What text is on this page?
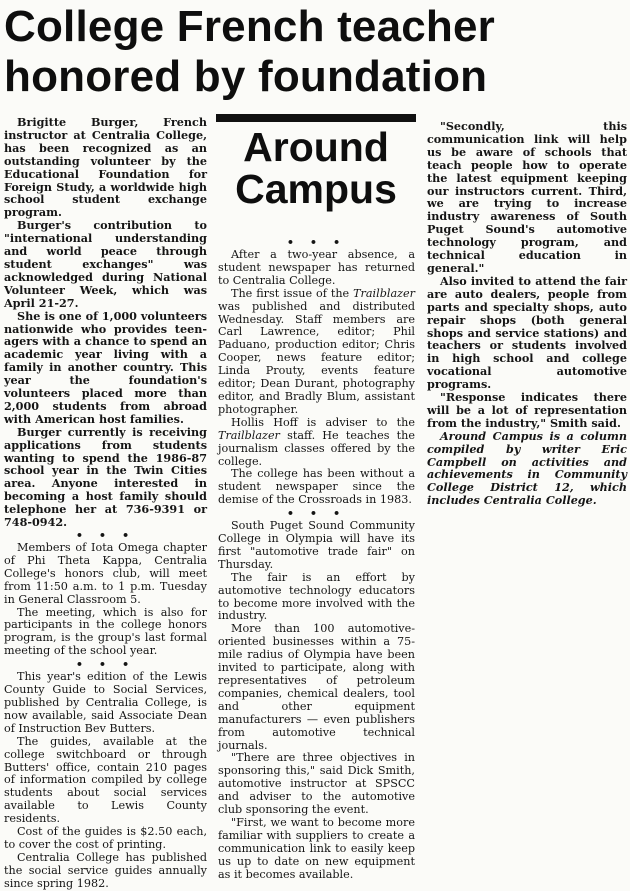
College French teacher
honored by foundation
Around
Campus

Brigitte Burger, French instructor at Centralia College, has been recognized as an outstanding volunteer by the Educational Foundation for Foreign Study, a worldwide high school student exchange program.

Burger's contribution to "international understanding and world peace through student exchanges" was acknowledged during National Volunteer Week, which was April 21-27.

She is one of 1,000 volunteers nationwide who provides teen-agers with a chance to spend an academic year living with a family in another country. This year the foundation's volunteers placed more than 2,000 students from abroad with American host families.

Burger currently is receiving applications from students wanting to spend the 1986-87 school year in the Twin Cities area. Anyone interested in becoming a host family should telephone her at 736-9391 or 748-0942.

• • •

Members of Iota Omega chapter of Phi Theta Kappa, Centralia College's honors club, will meet from 11:50 a.m. to 1 p.m. Tuesday in General Classroom 5.

The meeting, which is also for participants in the college honors program, is the group's last formal meeting of the school year.

• • •

This year's edition of the Lewis County Guide to Social Services, published by Centralia College, is now available, said Associate Dean of Instruction Bev Butters.

The guides, available at the college switchboard or through Butters' office, contain 210 pages of information compiled by college students about social services available to Lewis County residents.

Cost of the guides is $2.50 each, to cover the cost of printing.

Centralia College has published the social service guides annually since spring 1982.

• • •

After a two-year absence, a student newspaper has returned to Centralia College.

The first issue of the Trailblazer was published and distributed Wednesday. Staff members are Carl Lawrence, editor; Phil Paduano, production editor; Chris Cooper, news feature editor; Linda Prouty, events feature editor; Dean Durant, photography editor, and Bradly Blum, assistant photographer.

Hollis Hoff is adviser to the Trailblazer staff. He teaches the journalism classes offered by the college.

The college has been without a student newspaper since the demise of the Crossroads in 1983.

• • •

South Puget Sound Community College in Olympia will have its first "automotive trade fair" on Thursday.

The fair is an effort by automotive technology educators to become more involved with the industry.

More than 100 automotive-oriented businesses within a 75-mile radius of Olympia have been invited to participate, along with representatives of petroleum companies, chemical dealers, tool and other equipment manufacturers — even publishers from automotive technical journals.

"There are three objectives in sponsoring this," said Dick Smith, automotive instructor at SPSCC and adviser to the automotive club sponsoring the event.

"First, we want to become more familiar with suppliers to create a communication link to easily keep us up to date on new equipment as it becomes available.

"Secondly, this communication link will help us be aware of schools that teach people how to operate the latest equipment keeping our instructors current. Third, we are trying to increase industry awareness of South Puget Sound's automotive technology program, and technical education in general."

Also invited to attend the fair are auto dealers, people from parts and specialty shops, auto repair shops (both general shops and service stations) and teachers or students involved in high school and college vocational automotive programs.

"Response indicates there will be a lot of representation from the industry," Smith said.

Around Campus is a column compiled by writer Eric Campbell on activities and achievements in Community College District 12, which includes Centralia College.
